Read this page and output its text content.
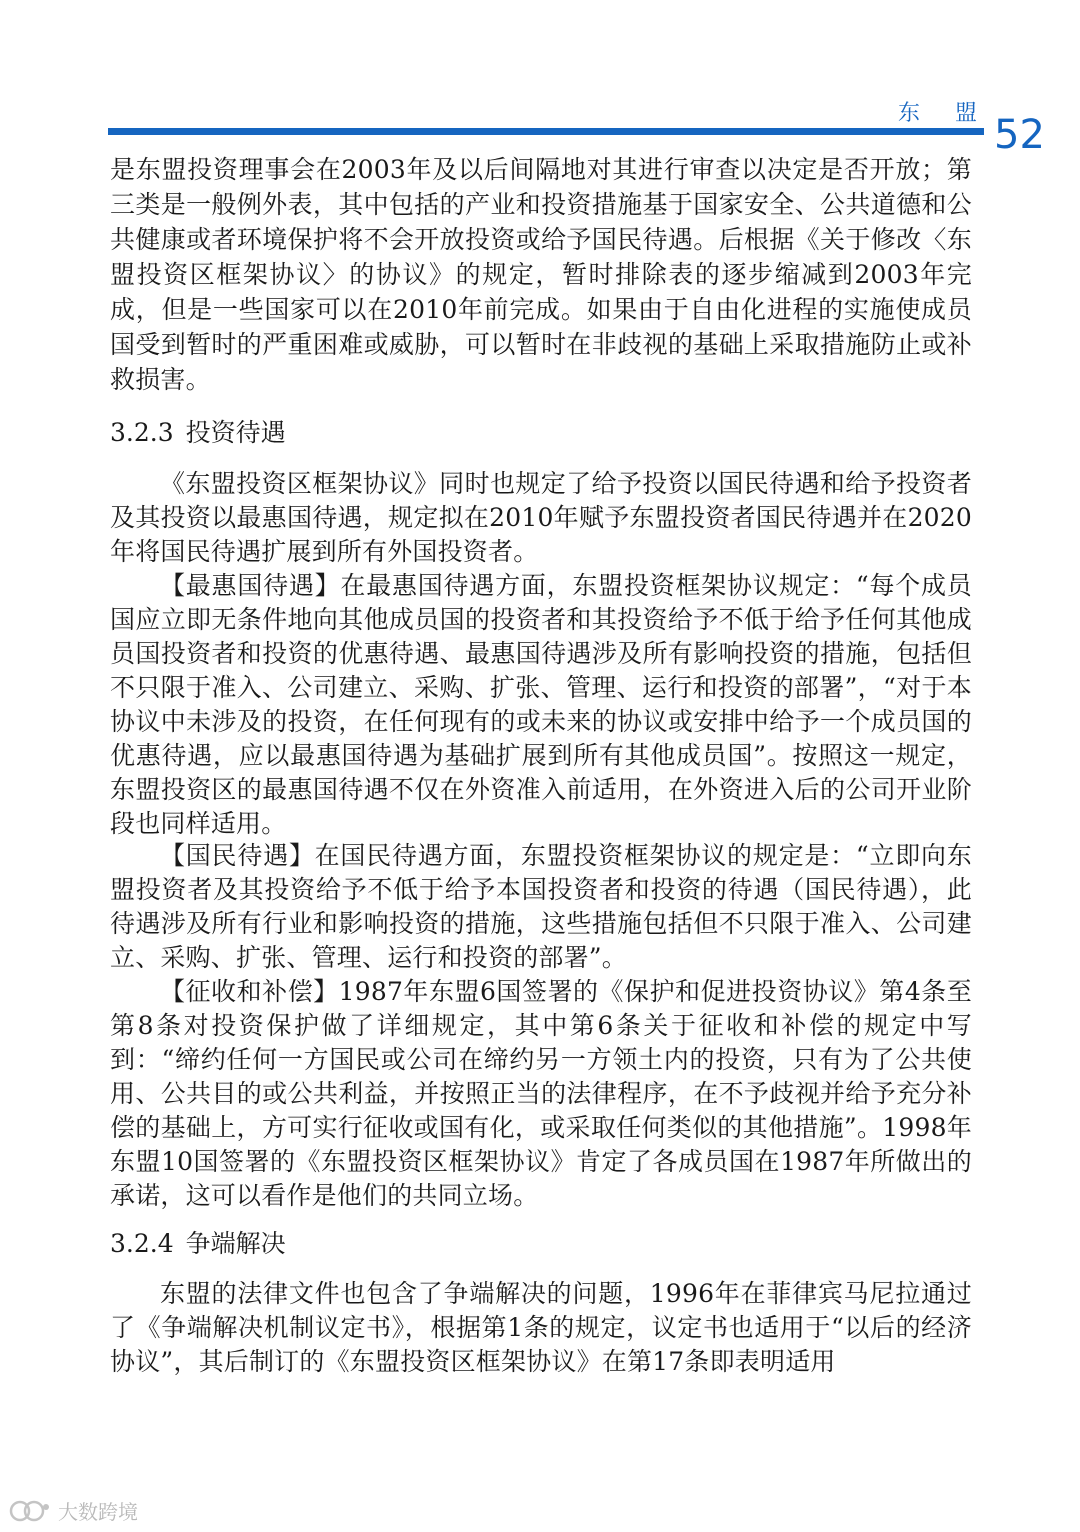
东 盟 52

是东盟投资理事会在2003年及以后间隔地对其进行审查以决定是否开放；第三类是一般例外表，其中包括的产业和投资措施基于国家安全、公共道德和公共健康或者环境保护将不会开放投资或给予国民待遇。后根据《关于修改〈东盟投资区框架协议〉的协议》的规定，暂时排除表的逐步缩减到2003年完成，但是一些国家可以在2010年前完成。如果由于自由化进程的实施使成员国受到暂时的严重困难或威胁，可以暂时在非歧视的基础上采取措施防止或补救损害。

3.2.3 投资待遇

《东盟投资区框架协议》同时也规定了给予投资以国民待遇和给予投资者及其投资以最惠国待遇，规定拟在2010年赋予东盟投资者国民待遇并在2020年将国民待遇扩展到所有外国投资者。

【最惠国待遇】在最惠国待遇方面，东盟投资框架协议规定：“每个成员国应立即无条件地向其他成员国的投资者和其投资给予不低于给予任何其他成员国投资者和投资的优惠待遇、最惠国待遇涉及所有影响投资的措施，包括但不只限于准入、公司建立、采购、扩张、管理、运行和投资的部署”，“对于本协议中未涉及的投资，在任何现有的或未来的协议或安排中给予一个成员国的优惠待遇，应以最惠国待遇为基础扩展到所有其他成员国”。按照这一规定，东盟投资区的最惠国待遇不仅在外资准入前适用，在外资进入后的公司开业阶段也同样适用。

【国民待遇】在国民待遇方面，东盟投资框架协议的规定是：“立即向东盟投资者及其投资给予不低于给予本国投资者和投资的待遇（国民待遇），此待遇涉及所有行业和影响投资的措施，这些措施包括但不只限于准入、公司建立、采购、扩张、管理、运行和投资的部署”。

【征收和补偿】1987年东盟6国签署的《保护和促进投资协议》第4条至第8条对投资保护做了详细规定，其中第6条关于征收和补偿的规定中写到：“缔约任何一方国民或公司在缔约另一方领土内的投资，只有为了公共使用、公共目的或公共利益，并按照正当的法律程序，在不予歧视并给予充分补偿的基础上，方可实行征收或国有化，或采取任何类似的其他措施”。1998年东盟10国签署的《东盟投资区框架协议》肯定了各成员国在1987年所做出的承诺，这可以看作是他们的共同立场。

3.2.4 争端解决

东盟的法律文件也包含了争端解决的问题，1996年在菲律宾马尼拉通过了《争端解决机制议定书》，根据第1条的规定，议定书也适用于“以后的经济协议”，其后制订的《东盟投资区框架协议》在第17条即表明适用

大数跨境
